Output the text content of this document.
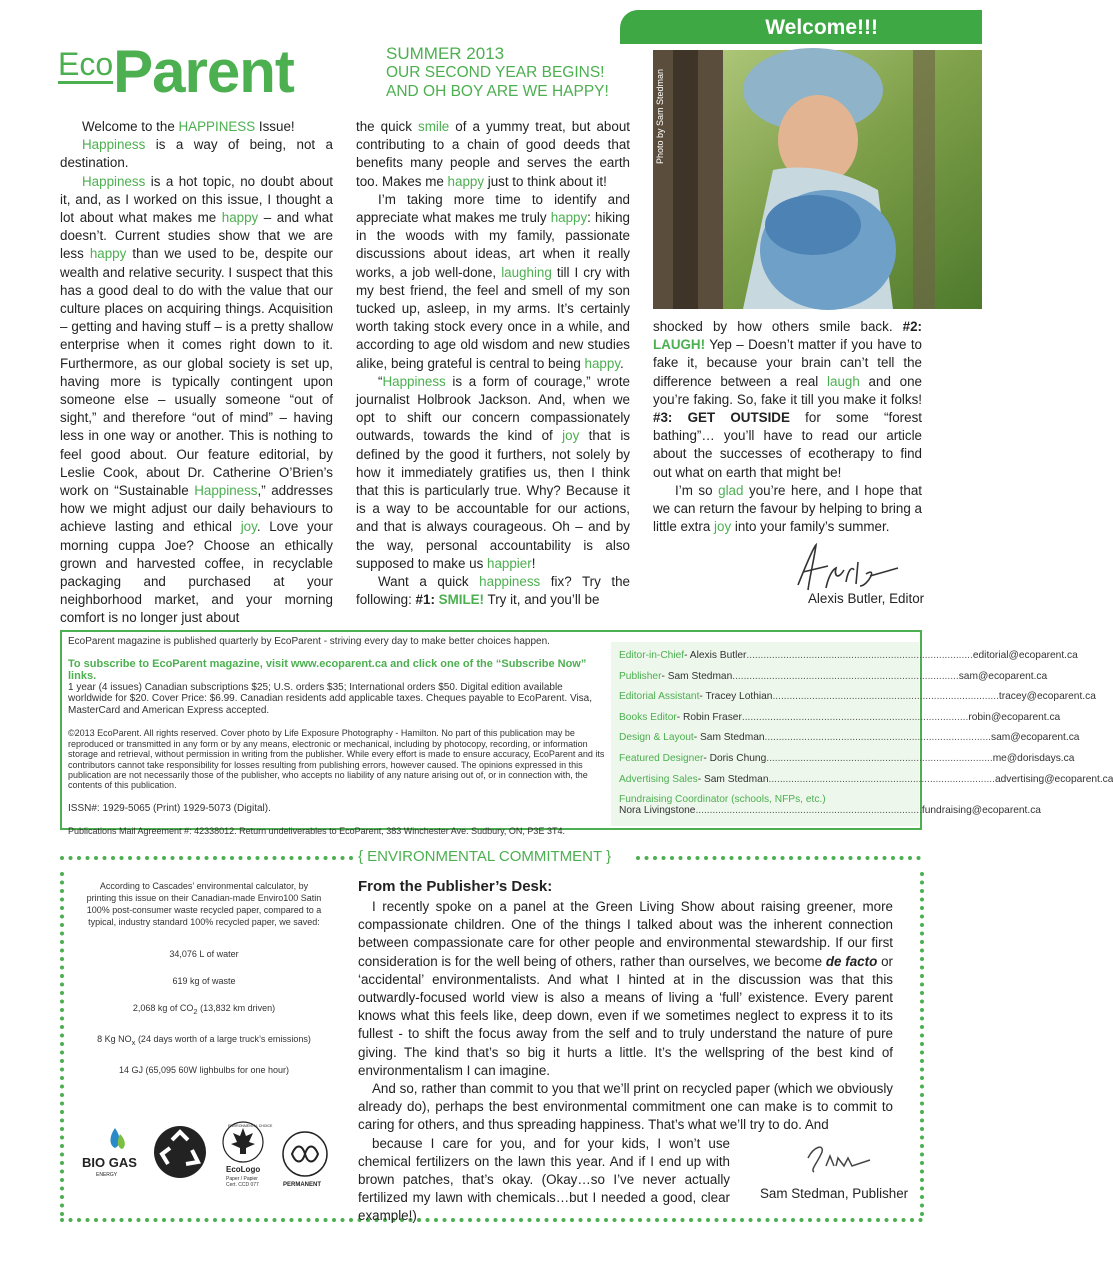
Welcome!!!
EcoParent	SUMMER 2013
OUR SECOND YEAR BEGINS!
AND OH BOY ARE WE HAPPY!

Welcome to the HAPPINESS Issue!

Happiness is a way of being, not a destination.

Happiness is a hot topic, no doubt about it, and, as I worked on this issue, I thought a lot about what makes me happy – and what doesn’t. Current studies show that we are less happy than we used to be, despite our wealth and relative security. I suspect that this has a good deal to do with the value that our culture places on acquiring things. Acquisition – getting and having stuff – is a pretty shallow enterprise when it comes right down to it. Furthermore, as our global society is set up, having more is typically contingent upon someone else – usually someone “out of sight,” and therefore “out of mind” – having less in one way or another. This is nothing to feel good about. Our feature editorial, by Leslie Cook, about Dr. Catherine O’Brien’s work on “Sustainable Happiness,” addresses how we might adjust our daily behaviours to achieve lasting and ethical joy. Love your morning cuppa Joe? Choose an ethically grown and harvested coffee, in recyclable packaging and purchased at your neighborhood market, and your morning comfort is no longer just about

the quick smile of a yummy treat, but about contributing to a chain of good deeds that benefits many people and serves the earth too. Makes me happy just to think about it!

I’m taking more time to identify and appreciate what makes me truly happy: hiking in the woods with my family, passionate discussions about ideas, art when it really works, a job well-done, laughing till I cry with my best friend, the feel and smell of my son tucked up, asleep, in my arms. It’s certainly worth taking stock every once in a while, and according to age old wisdom and new studies alike, being grateful is central to being happy.

“Happiness is a form of courage,” wrote journalist Holbrook Jackson. And, when we opt to shift our concern compassionately outwards, towards the kind of joy that is defined by the good it furthers, not solely by how it immediately gratifies us, then I think that this is particularly true. Why? Because it is a way to be accountable for our actions, and that is always courageous. Oh – and by the way, personal accountability is also supposed to make us happier!

Want a quick happiness fix? Try the following: #1: SMILE! Try it, and you’ll be

shocked by how others smile back. #2: LAUGH! Yep – Doesn’t matter if you have to fake it, because your brain can’t tell the difference between a real laugh and one you’re faking. So, fake it till you make it folks! #3: GET OUTSIDE for some “forest bathing”… you’ll have to read our article about the successes of ecotherapy to find out what on earth that might be!

I’m so glad you’re here, and I hope that we can return the favour by helping to bring a little extra joy into your family’s summer.

Photo by Sam Stedman
Alexis Butler, Editor

EcoParent magazine is published quarterly by EcoParent - striving every day to make better choices happen.

To subscribe to EcoParent magazine, visit www.ecoparent.ca and click one of the “Subscribe Now” links.

1 year (4 issues) Canadian subscriptions $25; U.S. orders $35; International orders $50. Digital edition available worldwide for $20. Cover Price: $6.99. Canadian residents add applicable taxes. Cheques payable to EcoParent. Visa, MasterCard and American Express accepted.

©2013 EcoParent. All rights reserved. Cover photo by Life Exposure Photography - Hamilton. No part of this publication may be reproduced or transmitted in any form or by any means, electronic or mechanical, including by photocopy, recording, or information storage and retrieval, without permission in writing from the publisher. While every effort is made to ensure accuracy, EcoParent and its contributors cannot take responsibility for losses resulting from publishing errors, however caused. The opinions expressed in this publication are not necessarily those of the publisher, who accepts no liability of any nature arising out of, or in connection with, the contents of this publication.

ISSN#: 1929-5065 (Print) 1929-5073 (Digital).

Publications Mail Agreement #: 42338012. Return undeliverables to EcoParent, 383 Winchester Ave. Sudbury, ON, P3E 3T4.

Editor-in-Chief - Alexis Butler ................................................................................ editorial@ecoparent.ca
Publisher - Sam Stedman ................................................................................ sam@ecoparent.ca
Editorial Assistant - Tracey Lothian ................................................................................ tracey@ecoparent.ca
Books Editor - Robin Fraser ................................................................................ robin@ecoparent.ca
Design & Layout - Sam Stedman ................................................................................ sam@ecoparent.ca
Featured Designer - Doris Chung ................................................................................ me@dorisdays.ca
Advertising Sales - Sam Stedman ................................................................................ advertising@ecoparent.ca
Fundraising Coordinator (schools, NFPs, etc.)
Nora Livingstone ................................................................................ fundraising@ecoparent.ca
{ ENVIRONMENTAL COMMITMENT }
According to Cascades’ environmental calculator, by printing this issue on their Canadian-made Enviro100 Satin 100% post-consumer waste recycled paper, compared to a typical, industry standard 100% recycled paper, we saved:
34,076 L of water
619 kg of waste
2,068 kg of $CO_2$ (13,832 km driven)
8 Kg $NO_x$ (24 days worth of a large truck’s emissions)
14 GJ (65,095 60W lighbulbs for one hour)
BIO GAS
ENERGY
ENVIRONMENTAL CHOICE
EcoLogo
Paper / Papier
Cert. CCD 077	PERMANENT
From the Publisher’s Desk:

I recently spoke on a panel at the Green Living Show about raising greener, more compassionate children. One of the things I talked about was the inherent connection between compassionate care for other people and environmental stewardship. If our first consideration is for the well being of others, rather than ourselves, we become de facto or ‘accidental’ environmentalists. And what I hinted at in the discussion was that this outwardly-focused world view is also a means of living a ‘full’ existence. Every parent knows what this feels like, deep down, even if we sometimes neglect to express it to its fullest - to shift the focus away from the self and to truly understand the nature of pure giving. The kind that’s so big it hurts a little. It’s the wellspring of the best kind of environmentalism I can imagine.

And so, rather than commit to you that we’ll print on recycled paper (which we obviously already do), perhaps the best environmental commitment one can make is to commit to caring for others, and thus spreading happiness. That’s what we’ll try to do. And

because I care for you, and for your kids, I won’t use chemical fertilizers on the lawn this year. And if I end up with brown patches, that’s okay. (Okay…so I’ve never actually fertilized my lawn with chemicals…but I needed a good, clear example!)

Sam Stedman, Publisher
